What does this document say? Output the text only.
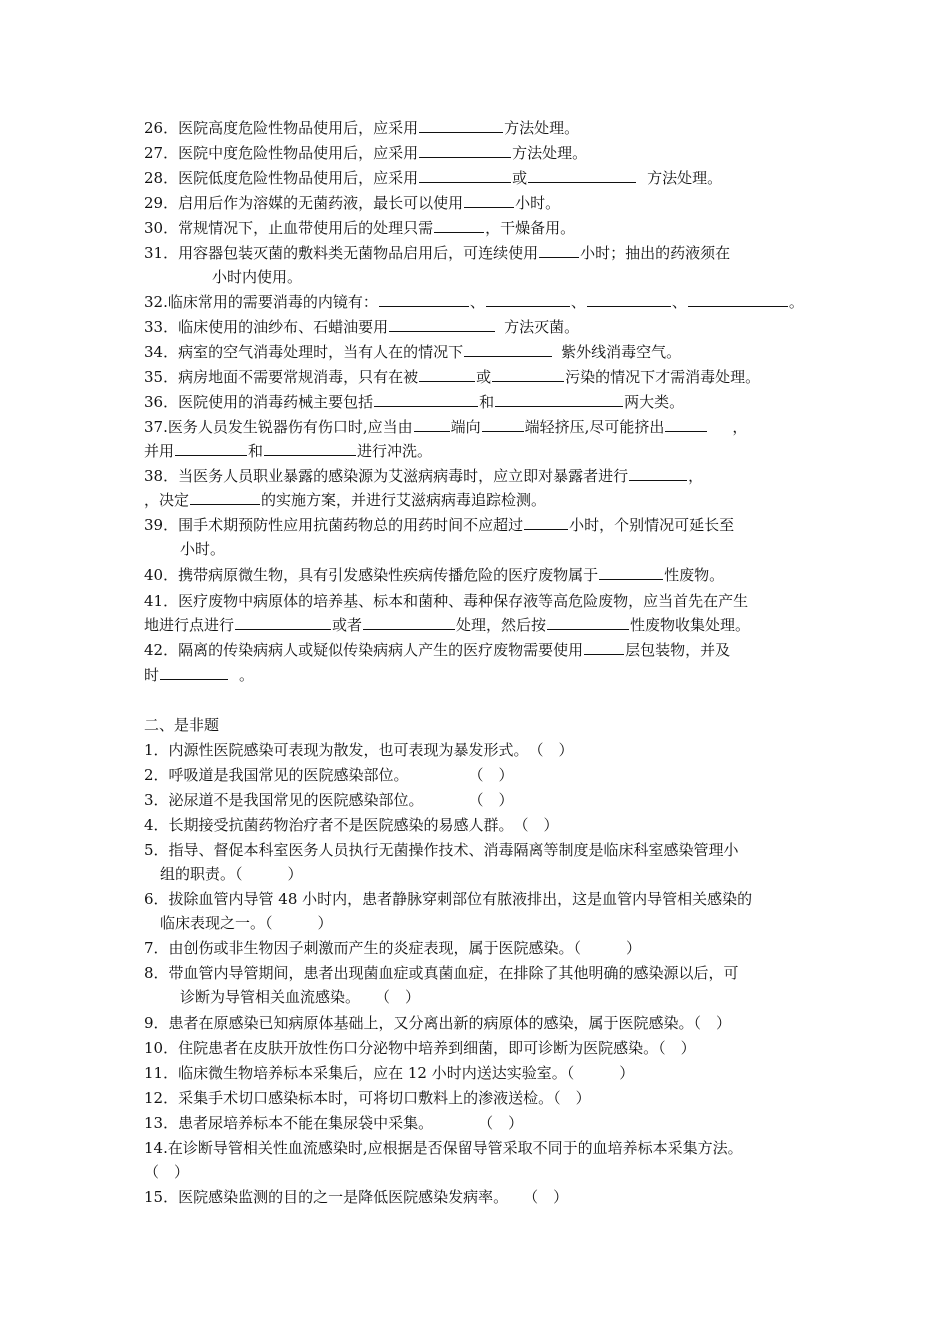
26．医院高度危险性物品使用后，应采用	方法处理。
27．医院中度危险性物品使用后，应采用	方法处理。
28．医院低度危险性物品使用后，应采用	或	方法处理。
29．启用后作为溶媒的无菌药液，最长可以使用	小时。
30．常规情况下，止血带使用后的处理只需	，干燥备用。
31．用容器包装灭菌的敷料类无菌物品启用后，可连续使用	小时；抽出的药液须在
小时内使用。
32.临床常用的需要消毒的内镜有：	、	、	、	。
33．临床使用的油纱布、石蜡油要用	方法灭菌。
34．病室的空气消毒处理时，当有人在的情况下	紫外线消毒空气。
35．病房地面不需要常规消毒，只有在被	或	污染的情况下才需消毒处理。
36．医院使用的消毒药械主要包括	和	两大类。
37.医务人员发生锐器伤有伤口时,应当由	端向	端轻挤压,尽可能挤出	，
并用	和	进行冲洗。
38．当医务人员职业暴露的感染源为艾滋病病毒时，应立即对暴露者进行	，
，决定	的实施方案，并进行艾滋病病毒追踪检测。
39．围手术期预防性应用抗菌药物总的用药时间不应超过	小时，个别情况可延长至
小时。
40．携带病原微生物，具有引发感染性疾病传播危险的医疗废物属于	性废物。
41．医疗废物中病原体的培养基、标本和菌种、毒种保存液等高危险废物，应当首先在产生
地进行点进行	或者	处理，然后按	性废物收集处理。
42．隔离的传染病病人或疑似传染病病人产生的医疗废物需要使用	层包装物，并及
时	。
二、是非题
1．内源性医院感染可表现为散发，也可表现为暴发形式。　（　）
2．呼吸道是我国常见的医院感染部位。　　　　　（　）
3．泌尿道不是我国常见的医院感染部位。　　　　（　）
4．长期接受抗菌药物治疗者不是医院感染的易感人群。　（　）
5．指导、督促本科室医务人员执行无菌操作技术、消毒隔离等制度是临床科室感染管理小
组的职责。（　　　）
6．拔除血管内导管 48 小时内，患者静脉穿刺部位有脓液排出，这是血管内导管相关感染的
临床表现之一。（　　　）
7．由创伤或非生物因子刺激而产生的炎症表现，属于医院感染。（　　　）
8．带血管内导管期间，患者出现菌血症或真菌血症，在排除了其他明确的感染源以后，可
诊断为导管相关血流感染。　　（　）
9．患者在原感染已知病原体基础上，又分离出新的病原体的感染，属于医院感染。（　）
10．住院患者在皮肤开放性伤口分泌物中培养到细菌，即可诊断为医院感染。（　）
11．临床微生物培养标本采集后，应在 12 小时内送达实验室。（　　　）
12．采集手术切口感染标本时，可将切口敷料上的渗液送检。（　）
13．患者尿培养标本不能在集尿袋中采集。　　　　（　）
14.在诊断导管相关性血流感染时,应根据是否保留导管采取不同于的血培养标本采集方法。
（　）
15．医院感染监测的目的之一是降低医院感染发病率。　　（　）
